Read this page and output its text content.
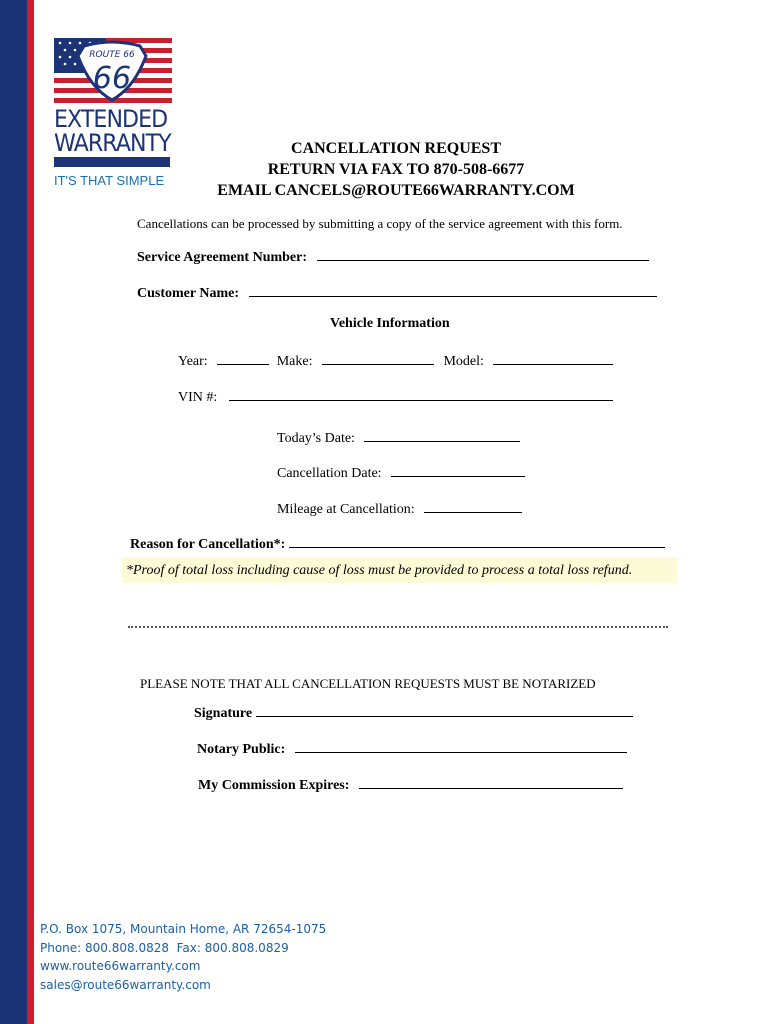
ROUTE 66
66
EXTENDED
WARRANTY
IT'S THAT SIMPLE
CANCELLATION REQUEST
RETURN VIA FAX TO 870-508-6677
EMAIL CANCELS@ROUTE66WARRANTY.COM
Cancellations can be processed by submitting a copy of the service agreement with this form.
Service Agreement Number:
Customer Name:
Vehicle Information
Year:	Make:	Model:
VIN #:
Today’s Date:
Cancellation Date:
Mileage at Cancellation:
Reason for Cancellation*:
*Proof of total loss including cause of loss must be provided to process a total loss refund.
PLEASE NOTE THAT ALL CANCELLATION REQUESTS MUST BE NOTARIZED
Signature
Notary Public:
My Commission Expires:
P.O. Box 1075, Mountain Home, AR 72654-1075
Phone: 800.808.0828  Fax: 800.808.0829
www.route66warranty.com
sales@route66warranty.com
